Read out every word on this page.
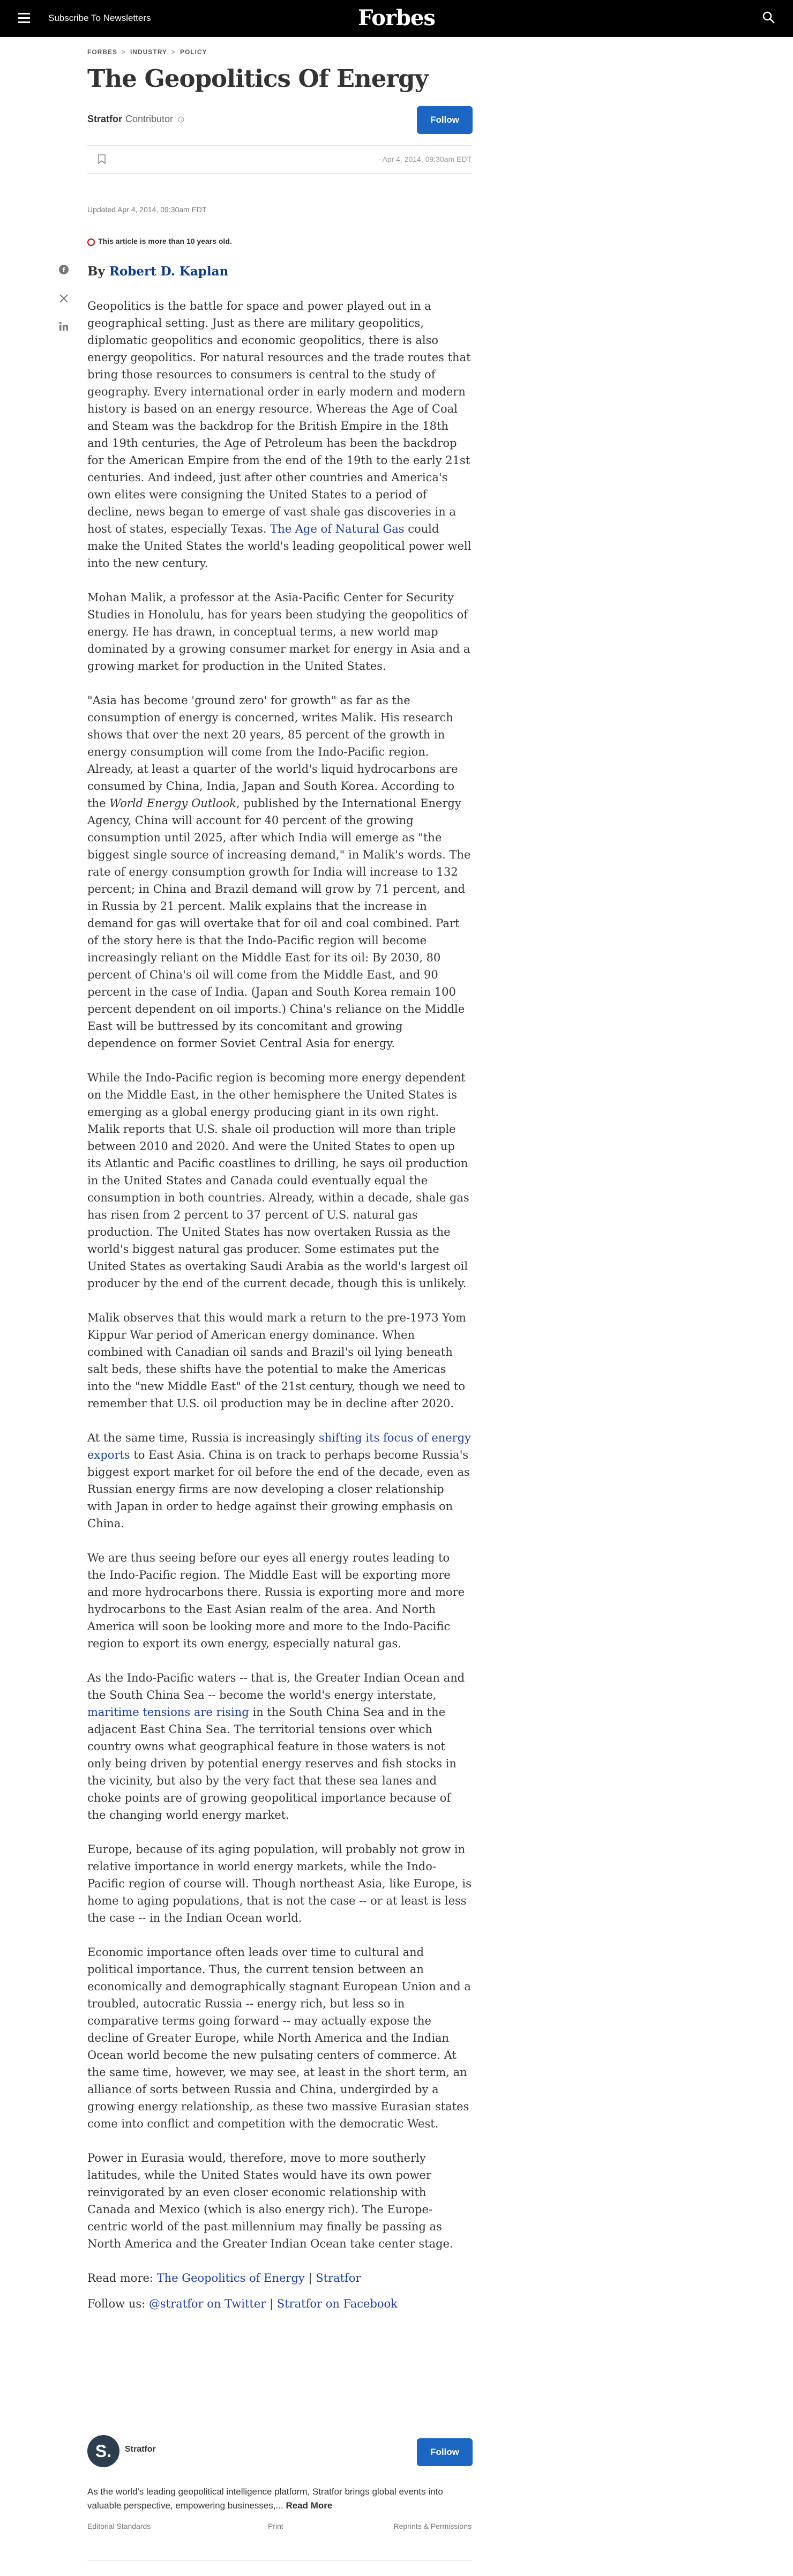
Subscribe To Newsletters	Forbes
FORBES > INDUSTRY > POLICY
The Geopolitics Of Energy
Stratfor Contributor	Follow
· Apr 4, 2014, 09:30am EDT
Updated Apr 4, 2014, 09:30am EDT
This article is more than 10 years old.
By Robert D. Kaplan

Geopolitics is the battle for space and power played out in a geographical setting. Just as there are military geopolitics, diplomatic geopolitics and economic geopolitics, there is also energy geopolitics. For natural resources and the trade routes that bring those resources to consumers is central to the study of geography. Every international order in early modern and modern history is based on an energy resource. Whereas the Age of Coal and Steam was the backdrop for the British Empire in the 18th and 19th centuries, the Age of Petroleum has been the backdrop for the American Empire from the end of the 19th to the early 21st centuries. And indeed, just after other countries and America's own elites were consigning the United States to a period of decline, news began to emerge of vast shale gas discoveries in a host of states, especially Texas. The Age of Natural Gas could make the United States the world's leading geopolitical power well into the new century.

Mohan Malik, a professor at the Asia-Pacific Center for Security Studies in Honolulu, has for years been studying the geopolitics of energy. He has drawn, in conceptual terms, a new world map dominated by a growing consumer market for energy in Asia and a growing market for production in the United States.

"Asia has become 'ground zero' for growth" as far as the consumption of energy is concerned, writes Malik. His research shows that over the next 20 years, 85 percent of the growth in energy consumption will come from the Indo-Pacific region. Already, at least a quarter of the world's liquid hydrocarbons are consumed by China, India, Japan and South Korea. According to the World Energy Outlook, published by the International Energy Agency, China will account for 40 percent of the growing consumption until 2025, after which India will emerge as "the biggest single source of increasing demand," in Malik's words. The rate of energy consumption growth for India will increase to 132 percent; in China and Brazil demand will grow by 71 percent, and in Russia by 21 percent. Malik explains that the increase in demand for gas will overtake that for oil and coal combined. Part of the story here is that the Indo-Pacific region will become increasingly reliant on the Middle East for its oil: By 2030, 80 percent of China's oil will come from the Middle East, and 90 percent in the case of India. (Japan and South Korea remain 100 percent dependent on oil imports.) China's reliance on the Middle East will be buttressed by its concomitant and growing dependence on former Soviet Central Asia for energy.

While the Indo-Pacific region is becoming more energy dependent on the Middle East, in the other hemisphere the United States is emerging as a global energy producing giant in its own right. Malik reports that U.S. shale oil production will more than triple between 2010 and 2020. And were the United States to open up its Atlantic and Pacific coastlines to drilling, he says oil production in the United States and Canada could eventually equal the consumption in both countries. Already, within a decade, shale gas has risen from 2 percent to 37 percent of U.S. natural gas production. The United States has now overtaken Russia as the world's biggest natural gas producer. Some estimates put the United States as overtaking Saudi Arabia as the world's largest oil producer by the end of the current decade, though this is unlikely.

Malik observes that this would mark a return to the pre-1973 Yom Kippur War period of American energy dominance. When combined with Canadian oil sands and Brazil's oil lying beneath salt beds, these shifts have the potential to make the Americas into the "new Middle East" of the 21st century, though we need to remember that U.S. oil production may be in decline after 2020.

At the same time, Russia is increasingly shifting its focus of energy exports to East Asia. China is on track to perhaps become Russia's biggest export market for oil before the end of the decade, even as Russian energy firms are now developing a closer relationship with Japan in order to hedge against their growing emphasis on China.

We are thus seeing before our eyes all energy routes leading to the Indo-Pacific region. The Middle East will be exporting more and more hydrocarbons there. Russia is exporting more and more hydrocarbons to the East Asian realm of the area. And North America will soon be looking more and more to the Indo-Pacific region to export its own energy, especially natural gas.

As the Indo-Pacific waters -- that is, the Greater Indian Ocean and the South China Sea -- become the world's energy interstate, maritime tensions are rising in the South China Sea and in the adjacent East China Sea. The territorial tensions over which country owns what geographical feature in those waters is not only being driven by potential energy reserves and fish stocks in the vicinity, but also by the very fact that these sea lanes and choke points are of growing geopolitical importance because of the changing world energy market.

Europe, because of its aging population, will probably not grow in relative importance in world energy markets, while the Indo-Pacific region of course will. Though northeast Asia, like Europe, is home to aging populations, that is not the case -- or at least is less the case -- in the Indian Ocean world.

Economic importance often leads over time to cultural and political importance. Thus, the current tension between an economically and demographically stagnant European Union and a troubled, autocratic Russia -- energy rich, but less so in comparative terms going forward -- may actually expose the decline of Greater Europe, while North America and the Indian Ocean world become the new pulsating centers of commerce. At the same time, however, we may see, at least in the short term, an alliance of sorts between Russia and China, undergirded by a growing energy relationship, as these two massive Eurasian states come into conflict and competition with the democratic West.

Power in Eurasia would, therefore, move to more southerly latitudes, while the United States would have its own power reinvigorated by an even closer economic relationship with Canada and Mexico (which is also energy rich). The Europe-centric world of the past millennium may finally be passing as North America and the Greater Indian Ocean take center stage.

Read more: The Geopolitics of Energy | Stratfor

Follow us: @stratfor on Twitter | Stratfor on Facebook

S.	Stratfor	Follow
As the world's leading geopolitical intelligence platform, Stratfor brings global events into valuable perspective, empowering businesses,... Read More
Editorial Standards	Print	Reprints & Permissions
